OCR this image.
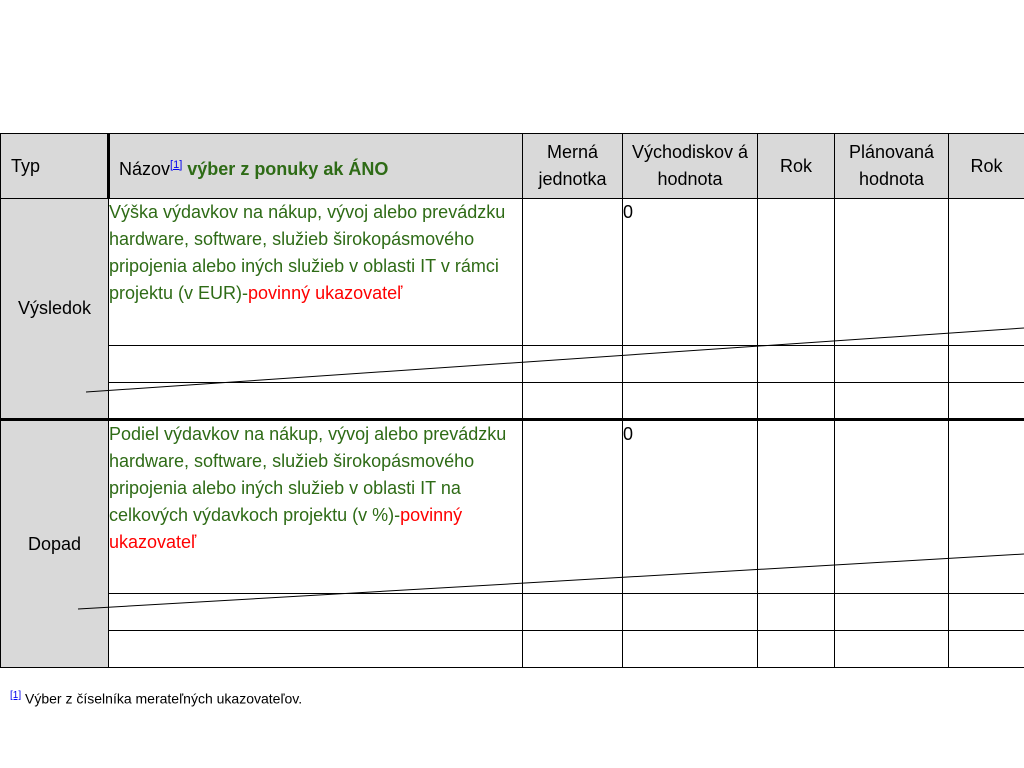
Typ	Názov[1] výber z ponuky ak ÁNO	Merná jednotka	Východiskov á hodnota	Rok	Plánovaná hodnota	Rok
Výsledok	Výška výdavkov na nákup, vývoj alebo prevádzku hardware, software, služieb širokopásmového pripojenia alebo iných služieb v oblasti IT v rámci projektu (v EUR)-povinný ukazovateľ		0			

Dopad	Podiel výdavkov na nákup, vývoj alebo prevádzku hardware, software, služieb širokopásmového pripojenia alebo iných služieb v oblasti IT na celkových výdavkoch projektu (v %)-povinný ukazovateľ		0			

[1] Výber z číselníka merateľných ukazovateľov.
